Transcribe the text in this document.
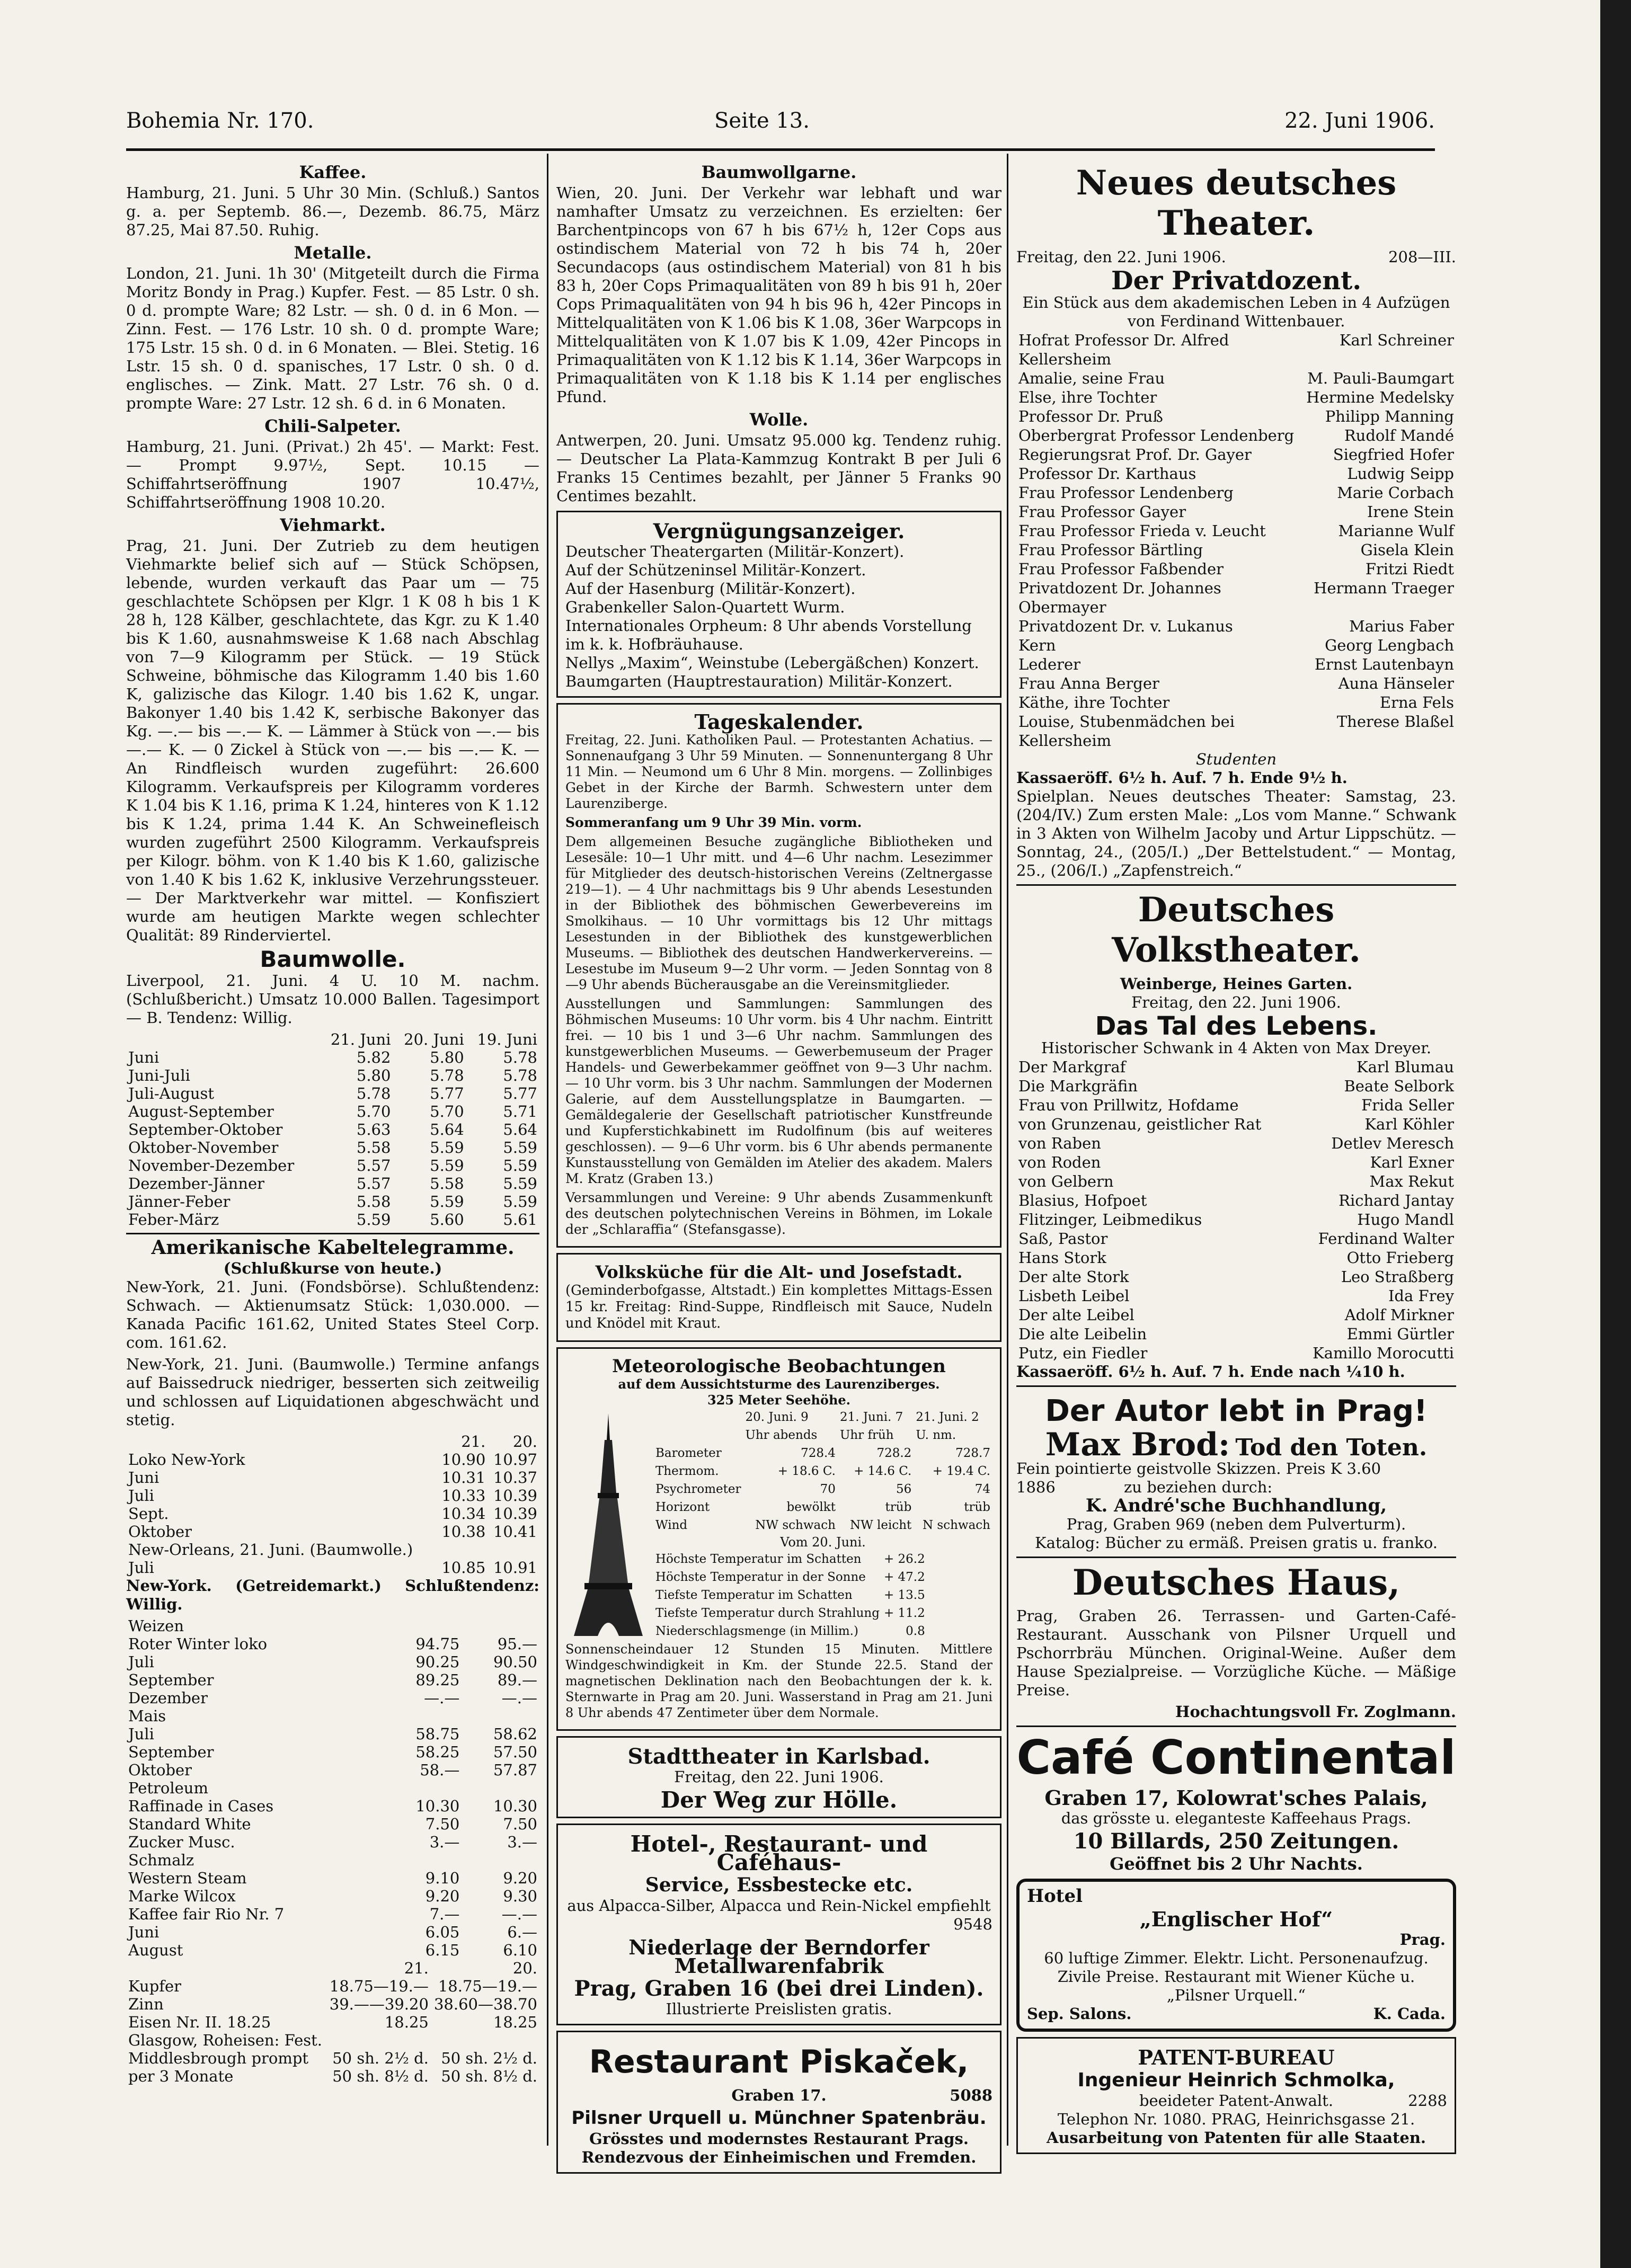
Bohemia Nr. 170.	Seite 13.	22. Juni 1906.
Kaffee.

Hamburg, 21. Juni. 5 Uhr 30 Min. (Schluß.) Santos g. a. per Septemb. 86.—, Dezemb. 86.75, März 87.25, Mai 87.50. Ruhig.

Metalle.

London, 21. Juni. 1h 30' (Mitgeteilt durch die Firma Moritz Bondy in Prag.) Kupfer. Fest. — 85 Lstr. 0 sh. 0 d. prompte Ware; 82 Lstr. — sh. 0 d. in 6 Mon. — Zinn. Fest. — 176 Lstr. 10 sh. 0 d. prompte Ware; 175 Lstr. 15 sh. 0 d. in 6 Monaten. — Blei. Stetig. 16 Lstr. 15 sh. 0 d. spanisches, 17 Lstr. 0 sh. 0 d. englisches. — Zink. Matt. 27 Lstr. 76 sh. 0 d. prompte Ware: 27 Lstr. 12 sh. 6 d. in 6 Monaten.

Chili-Salpeter.

Hamburg, 21. Juni. (Privat.) 2h 45'. — Markt: Fest. — Prompt 9.97½, Sept. 10.15 — Schiffahrtseröffnung 1907 10.47½, Schiffahrtseröffnung 1908 10.20.

Viehmarkt.

Prag, 21. Juni. Der Zutrieb zu dem heutigen Viehmarkte belief sich auf — Stück Schöpsen, lebende, wurden verkauft das Paar um — 75 geschlachtete Schöpsen per Klgr. 1 K 08 h bis 1 K 28 h, 128 Kälber, geschlachtete, das Kgr. zu K 1.40 bis K 1.60, ausnahmsweise K 1.68 nach Abschlag von 7—9 Kilogramm per Stück. — 19 Stück Schweine, böhmische das Kilogramm 1.40 bis 1.60 K, galizische das Kilogr. 1.40 bis 1.62 K, ungar. Bakonyer 1.40 bis 1.42 K, serbische Bakonyer das Kg. —.— bis —.— K. — Lämmer à Stück von —.— bis —.— K. — 0 Zickel à Stück von —.— bis —.— K. — An Rindfleisch wurden zugeführt: 26.600 Kilogramm. Verkaufspreis per Kilogramm vorderes K 1.04 bis K 1.16, prima K 1.24, hinteres von K 1.12 bis K 1.24, prima 1.44 K. An Schweinefleisch wurden zugeführt 2500 Kilogramm. Verkaufspreis per Kilogr. böhm. von K 1.40 bis K 1.60, galizische von 1.40 K bis 1.62 K, inklusive Verzehrungssteuer. — Der Marktverkehr war mittel. — Konfisziert wurde am heutigen Markte wegen schlechter Qualität: 89 Rinderviertel.

Baumwolle.

Liverpool, 21. Juni. 4 U. 10 M. nachm. (Schlußbericht.) Umsatz 10.000 Ballen. Tagesimport — B. Tendenz: Willig.

	21. Juni	20. Juni	19. Juni
Juni	5.82	5.80	5.78
Juni-Juli	5.80	5.78	5.78
Juli-August	5.78	5.77	5.77
August-September	5.70	5.70	5.71
September-Oktober	5.63	5.64	5.64
Oktober-November	5.58	5.59	5.59
November-Dezember	5.57	5.59	5.59
Dezember-Jänner	5.57	5.58	5.59
Jänner-Feber	5.58	5.59	5.59
Feber-März	5.59	5.60	5.61
Amerikanische Kabeltelegramme.
(Schlußkurse von heute.)

New-York, 21. Juni. (Fondsbörse). Schlußtendenz: Schwach. — Aktienumsatz Stück: 1,030.000. — Kanada Pacific 161.62, United States Steel Corp. com. 161.62.

New-York, 21. Juni. (Baumwolle.) Termine anfangs auf Baissedruck niedriger, besserten sich zeitweilig und schlossen auf Liquidationen abgeschwächt und stetig.

	21.	20.
Loko New-York	10.90	10.97
Juni	10.31	10.37
Juli	10.33	10.39
Sept.	10.34	10.39
Oktober	10.38	10.41
New-Orleans, 21. Juni. (Baumwolle.)		
Juli	10.85	10.91

New-York. (Getreidemarkt.) Schlußtendenz: Willig.

Weizen		
Roter Winter loko	94.75	95.—
Juli	90.25	90.50
September	89.25	89.—
Dezember	—.—	—.—
Mais		
Juli	58.75	58.62
September	58.25	57.50
Oktober	58.—	57.87
Petroleum		
Raffinade in Cases	10.30	10.30
Standard White	7.50	7.50
Zucker Musc.	3.—	3.—
Schmalz		
Western Steam	9.10	9.20
Marke Wilcox	9.20	9.30
Kaffee fair Rio Nr. 7	7.—	—.—
Juni	6.05	6.—
August	6.15	6.10
	21.	20.
Kupfer	18.75—19.—	18.75—19.—
Zinn	39.——39.20	38.60—38.70
Eisen Nr. II. 18.25	18.25	18.25
Glasgow, Roheisen: Fest.		
Middlesbrough prompt	50 sh. 2½ d.	50 sh. 2½ d.
per 3 Monate	50 sh. 8½ d.	50 sh. 8½ d.
Baumwollgarne.

Wien, 20. Juni. Der Verkehr war lebhaft und war namhafter Umsatz zu verzeichnen. Es erzielten: 6er Barchentpincops von 67 h bis 67½ h, 12er Cops aus ostindischem Material von 72 h bis 74 h, 20er Secundacops (aus ostindischem Material) von 81 h bis 83 h, 20er Cops Primaqualitäten von 89 h bis 91 h, 20er Cops Primaqualitäten von 94 h bis 96 h, 42er Pincops in Mittelqualitäten von K 1.06 bis K 1.08, 36er Warpcops in Mittelqualitäten von K 1.07 bis K 1.09, 42er Pincops in Primaqualitäten von K 1.12 bis K 1.14, 36er Warpcops in Primaqualitäten von K 1.18 bis K 1.14 per englisches Pfund.

Wolle.

Antwerpen, 20. Juni. Umsatz 95.000 kg. Tendenz ruhig. — Deutscher La Plata-Kammzug Kontrakt B per Juli 6 Franks 15 Centimes bezahlt, per Jänner 5 Franks 90 Centimes bezahlt.

Vergnügungsanzeiger.
Deutscher Theatergarten (Militär-Konzert).
Auf der Schützeninsel Militär-Konzert.
Auf der Hasenburg (Militär-Konzert).
Grabenkeller Salon-Quartett Wurm.
Internationales Orpheum: 8 Uhr abends Vorstellung im k. k. Hofbräuhause.
Nellys „Maxim“, Weinstube (Lebergäßchen) Konzert.
Baumgarten (Hauptrestauration) Militär-Konzert.
Tageskalender.

Freitag, 22. Juni. Katholiken Paul. — Protestanten Achatius. — Sonnenaufgang 3 Uhr 59 Minuten. — Sonnenuntergang 8 Uhr 11 Min. — Neumond um 6 Uhr 8 Min. morgens. — Zollinbiges Gebet in der Kirche der Barmh. Schwestern unter dem Laurenziberge.

Sommeranfang um 9 Uhr 39 Min. vorm.

Dem allgemeinen Besuche zugängliche Bibliotheken und Lesesäle: 10—1 Uhr mitt. und 4—6 Uhr nachm. Lesezimmer für Mitglieder des deutsch-historischen Vereins (Zeltnergasse 219—1). — 4 Uhr nachmittags bis 9 Uhr abends Lesestunden in der Bibliothek des böhmischen Gewerbevereins im Smolkihaus. — 10 Uhr vormittags bis 12 Uhr mittags Lesestunden in der Bibliothek des kunstgewerblichen Museums. — Bibliothek des deutschen Handwerkervereins. — Lesestube im Museum 9—2 Uhr vorm. — Jeden Sonntag von 8—9 Uhr abends Bücherausgabe an die Vereinsmitglieder.

Ausstellungen und Sammlungen: Sammlungen des Böhmischen Museums: 10 Uhr vorm. bis 4 Uhr nachm. Eintritt frei. — 10 bis 1 und 3—6 Uhr nachm. Sammlungen des kunstgewerblichen Museums. — Gewerbemuseum der Prager Handels- und Gewerbekammer geöffnet von 9—3 Uhr nachm. — 10 Uhr vorm. bis 3 Uhr nachm. Sammlungen der Modernen Galerie, auf dem Ausstellungsplatze in Baumgarten. — Gemäldegalerie der Gesellschaft patriotischer Kunstfreunde und Kupferstichkabinett im Rudolfinum (bis auf weiteres geschlossen). — 9—6 Uhr vorm. bis 6 Uhr abends permanente Kunstausstellung von Gemälden im Atelier des akadem. Malers M. Kratz (Graben 13.)

Versammlungen und Vereine: 9 Uhr abends Zusammenkunft des deutschen polytechnischen Vereins in Böhmen, im Lokale der „Schlaraffia“ (Stefansgasse).

Volksküche für die Alt- und Josefstadt.

(Geminderbofgasse, Altstadt.) Ein komplettes Mittags-Essen 15 kr. Freitag: Rind-Suppe, Rindfleisch mit Sauce, Nudeln und Knödel mit Kraut.

Meteorologische Beobachtungen
auf dem Aussichtsturme des Laurenziberges.
325 Meter Seehöhe.
	20. Juni. 9 Uhr abends	21. Juni. 7 Uhr früh	21. Juni. 2 U. nm.
Barometer	728.4	728.2	728.7
Thermom.	+ 18.6 C.	+ 14.6 C.	+ 19.4 C.
Psychrometer	70	56	74
Horizont	bewölkt	trüb	trüb
Wind	NW schwach	NW leicht	N schwach
Vom 20. Juni.
Höchste Temperatur im Schatten	+ 26.2
Höchste Temperatur in der Sonne	+ 47.2
Tiefste Temperatur im Schatten	+ 13.5
Tiefste Temperatur durch Strahlung	+ 11.2
Niederschlagsmenge (in Millim.)	0.8

Sonnenscheindauer 12 Stunden 15 Minuten. Mittlere Windgeschwindigkeit in Km. der Stunde 22.5. Stand der magnetischen Deklination nach den Beobachtungen der k. k. Sternwarte in Prag am 20. Juni. Wasserstand in Prag am 21. Juni 8 Uhr abends 47 Zentimeter über dem Normale.

Stadttheater in Karlsbad.
Freitag, den 22. Juni 1906.
Der Weg zur Hölle.
Hotel-, Restaurant- und Caféhaus-
Service, Essbestecke etc.
aus Alpacca-Silber, Alpacca und Rein-Nickel empfiehlt
9548
Niederlage der Berndorfer Metallwarenfabrik
Prag, Graben 16 (bei drei Linden).
Illustrierte Preislisten gratis.
Restaurant Piskaček,
Graben 17.	5088
Pilsner Urquell u. Münchner Spatenbräu.
Grösstes und modernstes Restaurant Prags.
Rendezvous der Einheimischen und Fremden.
Neues deutsches Theater.
Freitag, den 22. Juni 1906.	208—III.
Der Privatdozent.
Ein Stück aus dem akademischen Leben in 4 Aufzügen von Ferdinand Wittenbauer.
Hofrat Professor Dr. Alfred Kellersheim	Karl Schreiner
Amalie, seine Frau	M. Pauli-Baumgart
Else, ihre Tochter	Hermine Medelsky
Professor Dr. Pruß	Philipp Manning
Oberbergrat Professor Lendenberg	Rudolf Mandé
Regierungsrat Prof. Dr. Gayer	Siegfried Hofer
Professor Dr. Karthaus	Ludwig Seipp
Frau Professor Lendenberg	Marie Corbach
Frau Professor Gayer	Irene Stein
Frau Professor Frieda v. Leucht	Marianne Wulf
Frau Professor Bärtling	Gisela Klein
Frau Professor Faßbender	Fritzi Riedt
Privatdozent Dr. Johannes Obermayer	Hermann Traeger
Privatdozent Dr. v. Lukanus	Marius Faber
Kern	Georg Lengbach
Lederer	Ernst Lautenbayn
Frau Anna Berger	Auna Hänseler
Käthe, ihre Tochter	Erna Fels
Louise, Stubenmädchen bei Kellersheim	Therese Blaßel
Studenten
Kassaeröff. 6½ h. Auf. 7 h. Ende 9½ h.

Spielplan. Neues deutsches Theater: Samstag, 23. (204/IV.) Zum ersten Male: „Los vom Manne.“ Schwank in 3 Akten von Wilhelm Jacoby und Artur Lippschütz. — Sonntag, 24., (205/I.) „Der Bettelstudent.“ — Montag, 25., (206/I.) „Zapfenstreich.“

Deutsches Volkstheater.
Weinberge, Heines Garten.
Freitag, den 22. Juni 1906.
Das Tal des Lebens.
Historischer Schwank in 4 Akten von Max Dreyer.
Der Markgraf	Karl Blumau
Die Markgräfin	Beate Selbork
Frau von Prillwitz, Hofdame	Frida Seller
von Grunzenau, geistlicher Rat	Karl Köhler
von Raben	Detlev Meresch
von Roden	Karl Exner
von Gelbern	Max Rekut
Blasius, Hofpoet	Richard Jantay
Flitzinger, Leibmedikus	Hugo Mandl
Saß, Pastor	Ferdinand Walter
Hans Stork	Otto Frieberg
Der alte Stork	Leo Straßberg
Lisbeth Leibel	Ida Frey
Der alte Leibel	Adolf Mirkner
Die alte Leibelin	Emmi Gürtler
Putz, ein Fiedler	Kamillo Morocutti
Kassaeröff. 6½ h. Auf. 7 h. Ende nach ¼10 h.
Der Autor lebt in Prag!
Max Brod: Tod den Toten.
Fein pointierte geistvolle Skizzen. Preis K 3.60
1886	zu beziehen durch:
K. André'sche Buchhandlung,
Prag, Graben 969 (neben dem Pulverturm).
Katalog: Bücher zu ermäß. Preisen gratis u. franko.
Deutsches Haus,

Prag, Graben 26. Terrassen- und Garten-Café-Restaurant. Ausschank von Pilsner Urquell und Pschorrbräu München. Original-Weine. Außer dem Hause Spezialpreise. — Vorzügliche Küche. — Mäßige Preise.

Hochachtungsvoll Fr. Zoglmann.
Café Continental
Graben 17, Kolowrat'sches Palais,
das grösste u. eleganteste Kaffeehaus Prags.
10 Billards, 250 Zeitungen.
Geöffnet bis 2 Uhr Nachts.
Hotel
„Englischer Hof“
Prag.
60 luftige Zimmer. Elektr. Licht. Personenaufzug. Zivile Preise. Restaurant mit Wiener Küche u. „Pilsner Urquell.“
Sep. Salons.	K. Cada.
PATENT-BUREAU
Ingenieur Heinrich Schmolka,
beeideter Patent-Anwalt.	2288
Telephon Nr. 1080. PRAG, Heinrichsgasse 21.
Ausarbeitung von Patenten für alle Staaten.
